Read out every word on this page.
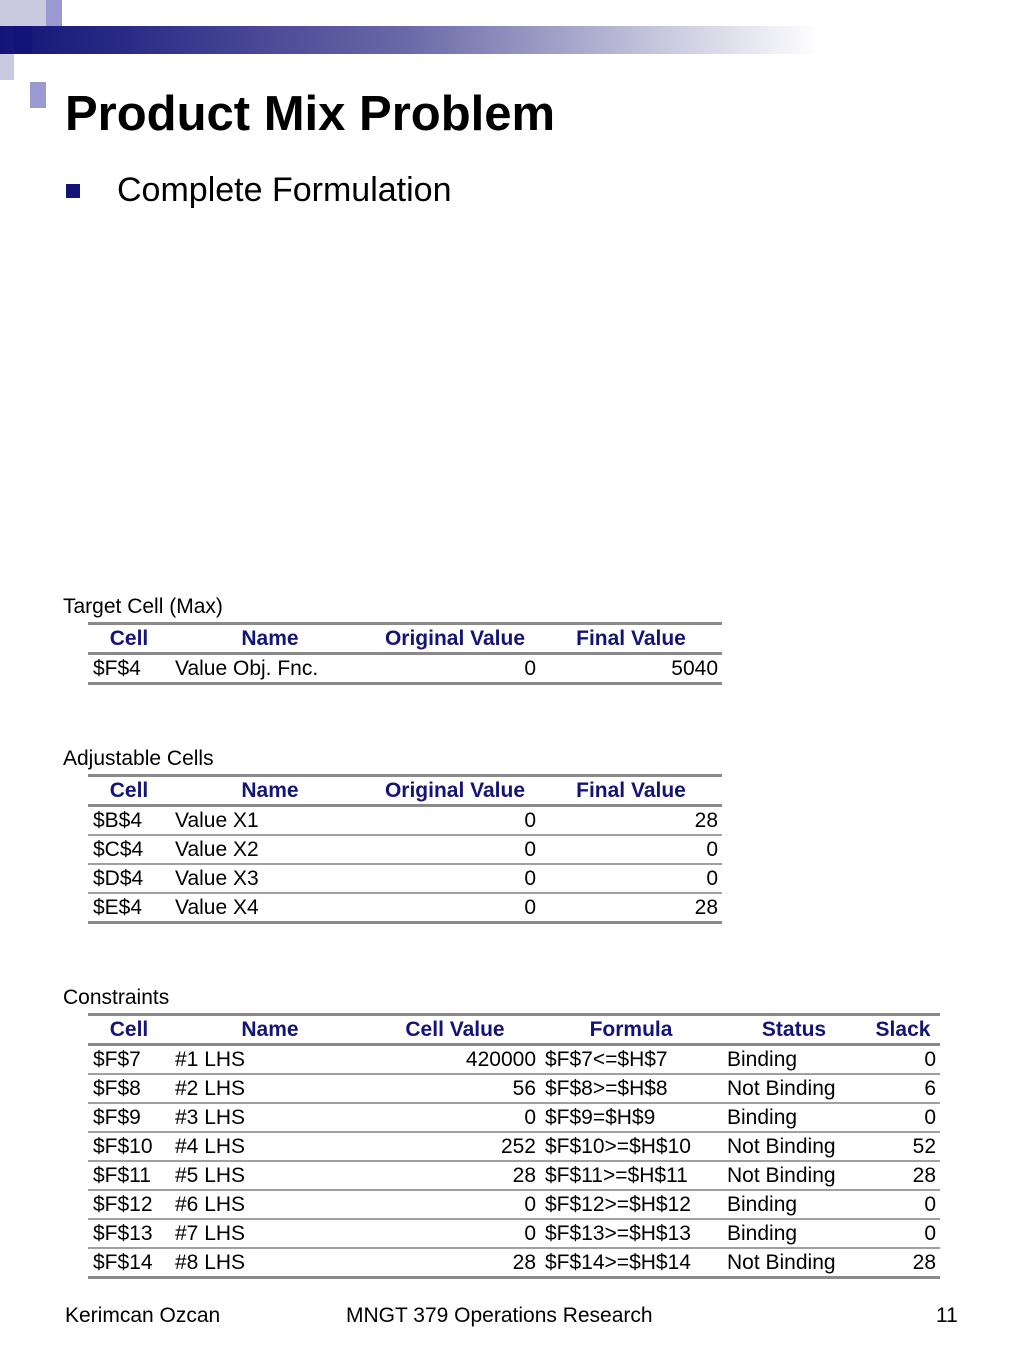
Product Mix Problem
Complete Formulation
Target Cell (Max)
Cell	Name	Original Value	Final Value
$F$4	Value Obj. Fnc.	0	5040
Adjustable Cells
Cell	Name	Original Value	Final Value
$B$4	Value X1	0	28
$C$4	Value X2	0	0
$D$4	Value X3	0	0
$E$4	Value X4	0	28
Constraints
Cell	Name	Cell Value	Formula	Status	Slack
$F$7	#1 LHS	420000	$F$7<=$H$7	Binding	0
$F$8	#2 LHS	56	$F$8>=$H$8	Not Binding	6
$F$9	#3 LHS	0	$F$9=$H$9	Binding	0
$F$10	#4 LHS	252	$F$10>=$H$10	Not Binding	52
$F$11	#5 LHS	28	$F$11>=$H$11	Not Binding	28
$F$12	#6 LHS	0	$F$12>=$H$12	Binding	0
$F$13	#7 LHS	0	$F$13>=$H$13	Binding	0
$F$14	#8 LHS	28	$F$14>=$H$14	Not Binding	28
Kerimcan Ozcan	MNGT 379 Operations Research	11
